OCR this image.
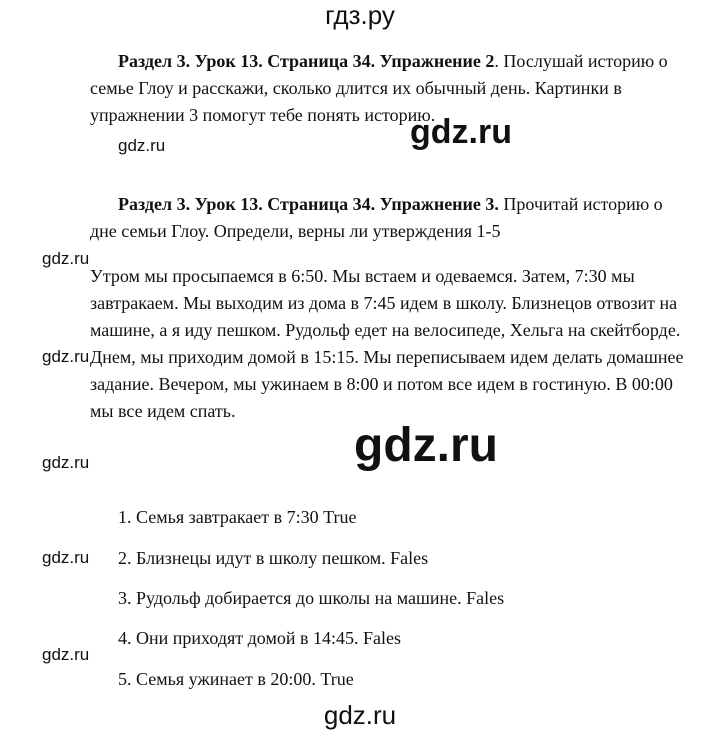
гдз.ру
Раздел 3. Урок 13. Страница 34. Упражнение 2. Послушай историю о
семье Глоу и расскажи, сколько длится их обычный день. Картинки в
упражнении 3 помогут тебе понять историю.
Раздел 3. Урок 13. Страница 34. Упражнение 3. Прочитай историю о
дне семьи Глоу. Определи, верны ли утверждения 1-5
Утром мы просыпаемся в 6:50. Мы встаем и одеваемся. Затем, 7:30 мы
завтракаем. Мы выходим из дома в 7:45 идем в школу. Близнецов отвозит на
машине, а я иду пешком. Рудольф едет на велосипеде, Хельга на скейтборде.
Днем, мы приходим домой в 15:15. Мы переписываем идем делать домашнее
задание. Вечером, мы ужинаем в 8:00 и потом все идем в гостиную. В 00:00
мы все идем спать.
1. Семья завтракает в 7:30 True
2. Близнецы идут в школу пешком. Fales
3. Рудольф добирается до школы на машине. Fales
4. Они приходят домой в 14:45. Fales
5. Семья ужинает в 20:00. True
gdz.ru
gdz.ru
gdz.ru
gdz.ru
gdz.ru
gdz.ru
gdz.ru
gdz.ru
gdz.ru
